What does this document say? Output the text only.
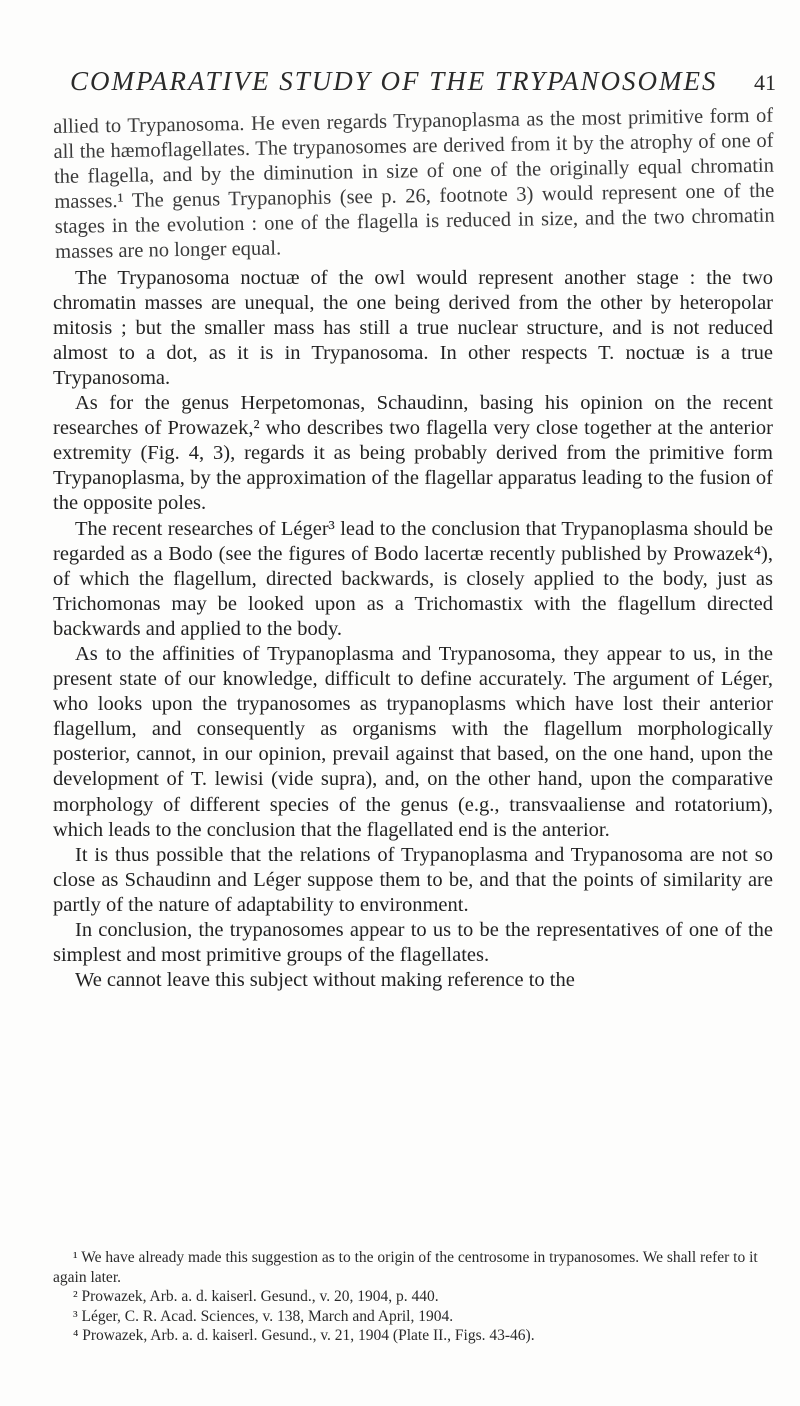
COMPARATIVE STUDY OF THE TRYPANOSOMES 41

allied to Trypanosoma. He even regards Trypanoplasma as the most primitive form of all the hæmoflagellates. The trypanosomes are derived from it by the atrophy of one of the flagella, and by the diminution in size of one of the originally equal chromatin masses.¹ The genus Trypanophis (see p. 26, footnote 3) would represent one of the stages in the evolution : one of the flagella is reduced in size, and the two chromatin masses are no longer equal.

The Trypanosoma noctuæ of the owl would represent another stage : the two chromatin masses are unequal, the one being derived from the other by heteropolar mitosis ; but the smaller mass has still a true nuclear structure, and is not reduced almost to a dot, as it is in Trypanosoma. In other respects T. noctuæ is a true Trypanosoma.

As for the genus Herpetomonas, Schaudinn, basing his opinion on the recent researches of Prowazek,² who describes two flagella very close together at the anterior extremity (Fig. 4, 3), regards it as being probably derived from the primitive form Trypanoplasma, by the approximation of the flagellar apparatus leading to the fusion of the opposite poles.

The recent researches of Léger³ lead to the conclusion that Trypanoplasma should be regarded as a Bodo (see the figures of Bodo lacertæ recently published by Prowazek⁴), of which the flagellum, directed backwards, is closely applied to the body, just as Trichomonas may be looked upon as a Trichomastix with the flagellum directed backwards and applied to the body.

As to the affinities of Trypanoplasma and Trypanosoma, they appear to us, in the present state of our knowledge, difficult to define accurately. The argument of Léger, who looks upon the trypanosomes as trypanoplasms which have lost their anterior flagellum, and consequently as organisms with the flagellum morphologically posterior, cannot, in our opinion, prevail against that based, on the one hand, upon the development of T. lewisi (vide supra), and, on the other hand, upon the comparative morphology of different species of the genus (e.g., transvaaliense and rotatorium), which leads to the conclusion that the flagellated end is the anterior.

It is thus possible that the relations of Trypanoplasma and Trypanosoma are not so close as Schaudinn and Léger suppose them to be, and that the points of similarity are partly of the nature of adaptability to environment.

In conclusion, the trypanosomes appear to us to be the representatives of one of the simplest and most primitive groups of the flagellates.

We cannot leave this subject without making reference to the

¹ We have already made this suggestion as to the origin of the centrosome in trypanosomes. We shall refer to it again later.

² Prowazek, Arb. a. d. kaiserl. Gesund., v. 20, 1904, p. 440.

³ Léger, C. R. Acad. Sciences, v. 138, March and April, 1904.

⁴ Prowazek, Arb. a. d. kaiserl. Gesund., v. 21, 1904 (Plate II., Figs. 43-46).
